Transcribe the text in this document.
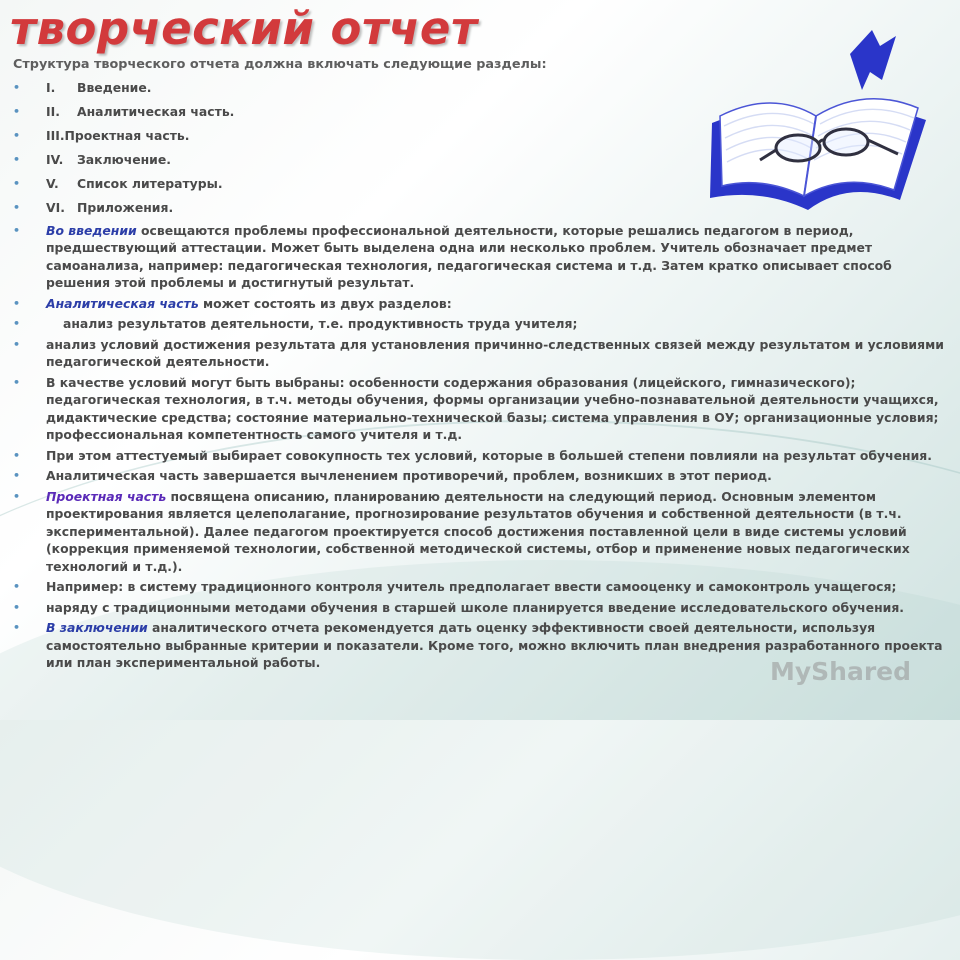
творческий отчет

Структура творческого отчета должна включать следующие разделы:

• I. Введение.
• II. Аналитическая часть.
• III.Проектная часть.
• IV. Заключение.
• V. Список литературы.
• VI. Приложения.
• Во введении освещаются проблемы профессиональной деятельности, которые решались педагогом в период, предшествующий аттестации. Может быть выделена одна или несколько проблем. Учитель обозначает предмет самоанализа, например: педагогическая технология, педагогическая система и т.д. Затем кратко описывает способ решения этой проблемы и достигнутый результат.
• Аналитическая часть может состоять из двух разделов:
• анализ результатов деятельности, т.е. продуктивность труда учителя;
• анализ условий достижения результата для установления причинно-следственных связей между результатом и условиями педагогической деятельности.
• В качестве условий могут быть выбраны: особенности содержания образования (лицейского, гимназического); педагогическая технология, в т.ч. методы обучения, формы организации учебно-познавательной деятельности учащихся, дидактические средства; состояние материально-технической базы; система управления в ОУ; организационные условия; профессиональная компетентность самого учителя и т.д.
• При этом аттестуемый выбирает совокупность тех условий, которые в большей степени повлияли на результат обучения.
• Аналитическая часть завершается вычленением противоречий, проблем, возникших в этот период.
• Проектная часть посвящена описанию, планированию деятельности на следующий период. Основным элементом проектирования является целеполагание, прогнозирование результатов обучения и собственной деятельности (в т.ч. экспериментальной). Далее педагогом проектируется способ достижения поставленной цели в виде системы условий (коррекция применяемой технологии, собственной методической системы, отбор и применение новых педагогических технологий и т.д.).
• Например: в систему традиционного контроля учитель предполагает ввести самооценку и самоконтроль учащегося;
• наряду с традиционными методами обучения в старшей школе планируется введение исследовательского обучения.
• В заключении аналитического отчета рекомендуется дать оценку эффективности своей деятельности, используя самостоятельно выбранные критерии и показатели. Кроме того, можно включить план внедрения разработанного проекта или план экспериментальной работы.	MyShared
